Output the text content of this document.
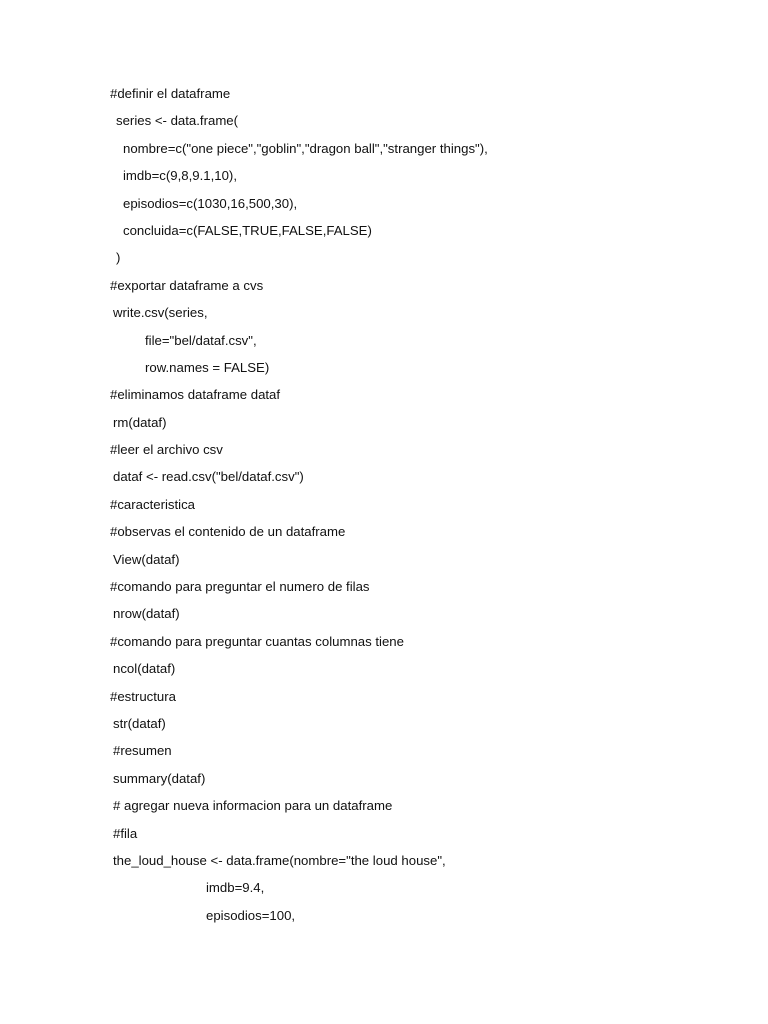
#definir el dataframe
series <- data.frame(
nombre=c("one piece","goblin","dragon ball","stranger things"),
imdb=c(9,8,9.1,10),
episodios=c(1030,16,500,30),
concluida=c(FALSE,TRUE,FALSE,FALSE)
)
#exportar dataframe a cvs
write.csv(series,
file="bel/dataf.csv",
row.names = FALSE)
#eliminamos dataframe dataf
rm(dataf)
#leer el archivo csv
dataf <- read.csv("bel/dataf.csv")
#caracteristica
#observas el contenido de un dataframe
View(dataf)
#comando para preguntar el numero de filas
nrow(dataf)
#comando para preguntar cuantas columnas tiene
ncol(dataf)
#estructura
str(dataf)
#resumen
summary(dataf)
# agregar nueva informacion para un dataframe
#fila
the_loud_house <- data.frame(nombre="the loud house",
imdb=9.4,
episodios=100,
